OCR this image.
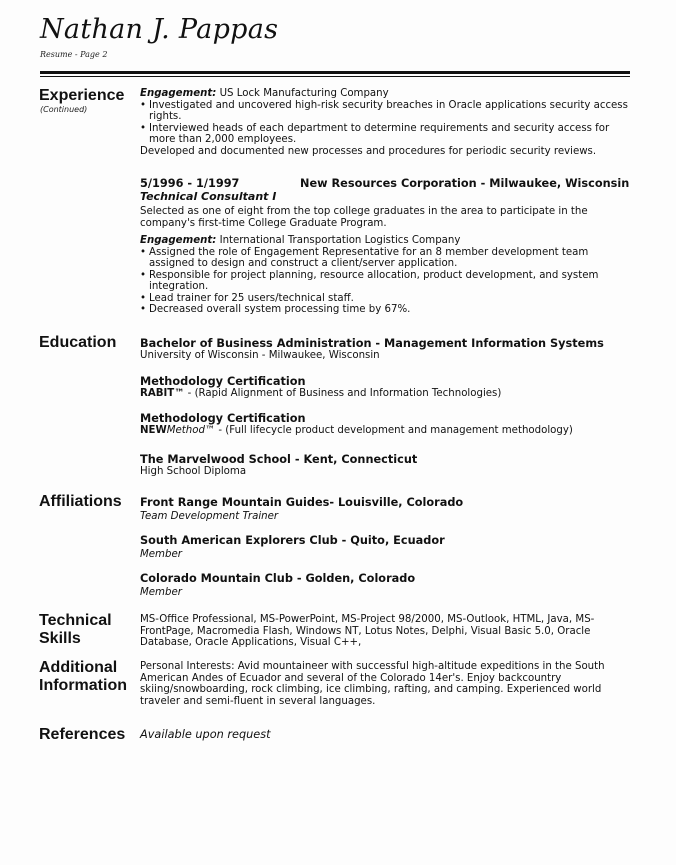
Nathan J. Pappas
Resume - Page 2
Experience
(Continued)

Engagement: US Lock Manufacturing Company

• Investigated and uncovered high-risk security breaches in Oracle applications security access rights.
• Interviewed heads of each department to determine requirements and security access for more than 2,000 employees.

Developed and documented new processes and procedures for periodic security reviews.

5/1996 - 1/1997	New Resources Corporation - Milwaukee, Wisconsin

Technical Consultant I

Selected as one of eight from the top college graduates in the area to participate in the company's first-time College Graduate Program.

Engagement: International Transportation Logistics Company

• Assigned the role of Engagement Representative for an 8 member development team assigned to design and construct a client/server application.
• Responsible for project planning, resource allocation, product development, and system integration.
• Lead trainer for 25 users/technical staff.
• Decreased overall system processing time by 67%.
Education Bachelor of Business Administration - Management Information Systems

University of Wisconsin - Milwaukee, Wisconsin

Methodology Certification

RABIT™ - (Rapid Alignment of Business and Information Technologies)

Methodology Certification

NEWMethod™ - (Full lifecycle product development and management methodology)

The Marvelwood School - Kent, Connecticut

High School Diploma

Affiliations Front Range Mountain Guides- Louisville, Colorado

Team Development Trainer

South American Explorers Club - Quito, Ecuador

Member

Colorado Mountain Club - Golden, Colorado

Member

Technical
Skills
MS-Office Professional, MS-PowerPoint, MS-Project 98/2000, MS-Outlook, HTML, Java, MS-FrontPage, Macromedia Flash, Windows NT, Lotus Notes, Delphi, Visual Basic 5.0, Oracle Database, Oracle Applications, Visual C++,
Additional
Information
Personal Interests: Avid mountaineer with successful high-altitude expeditions in the South American Andes of Ecuador and several of the Colorado 14er's. Enjoy backcountry skiing/snowboarding, rock climbing, ice climbing, rafting, and camping. Experienced world traveler and semi-fluent in several languages.
References Available upon request
